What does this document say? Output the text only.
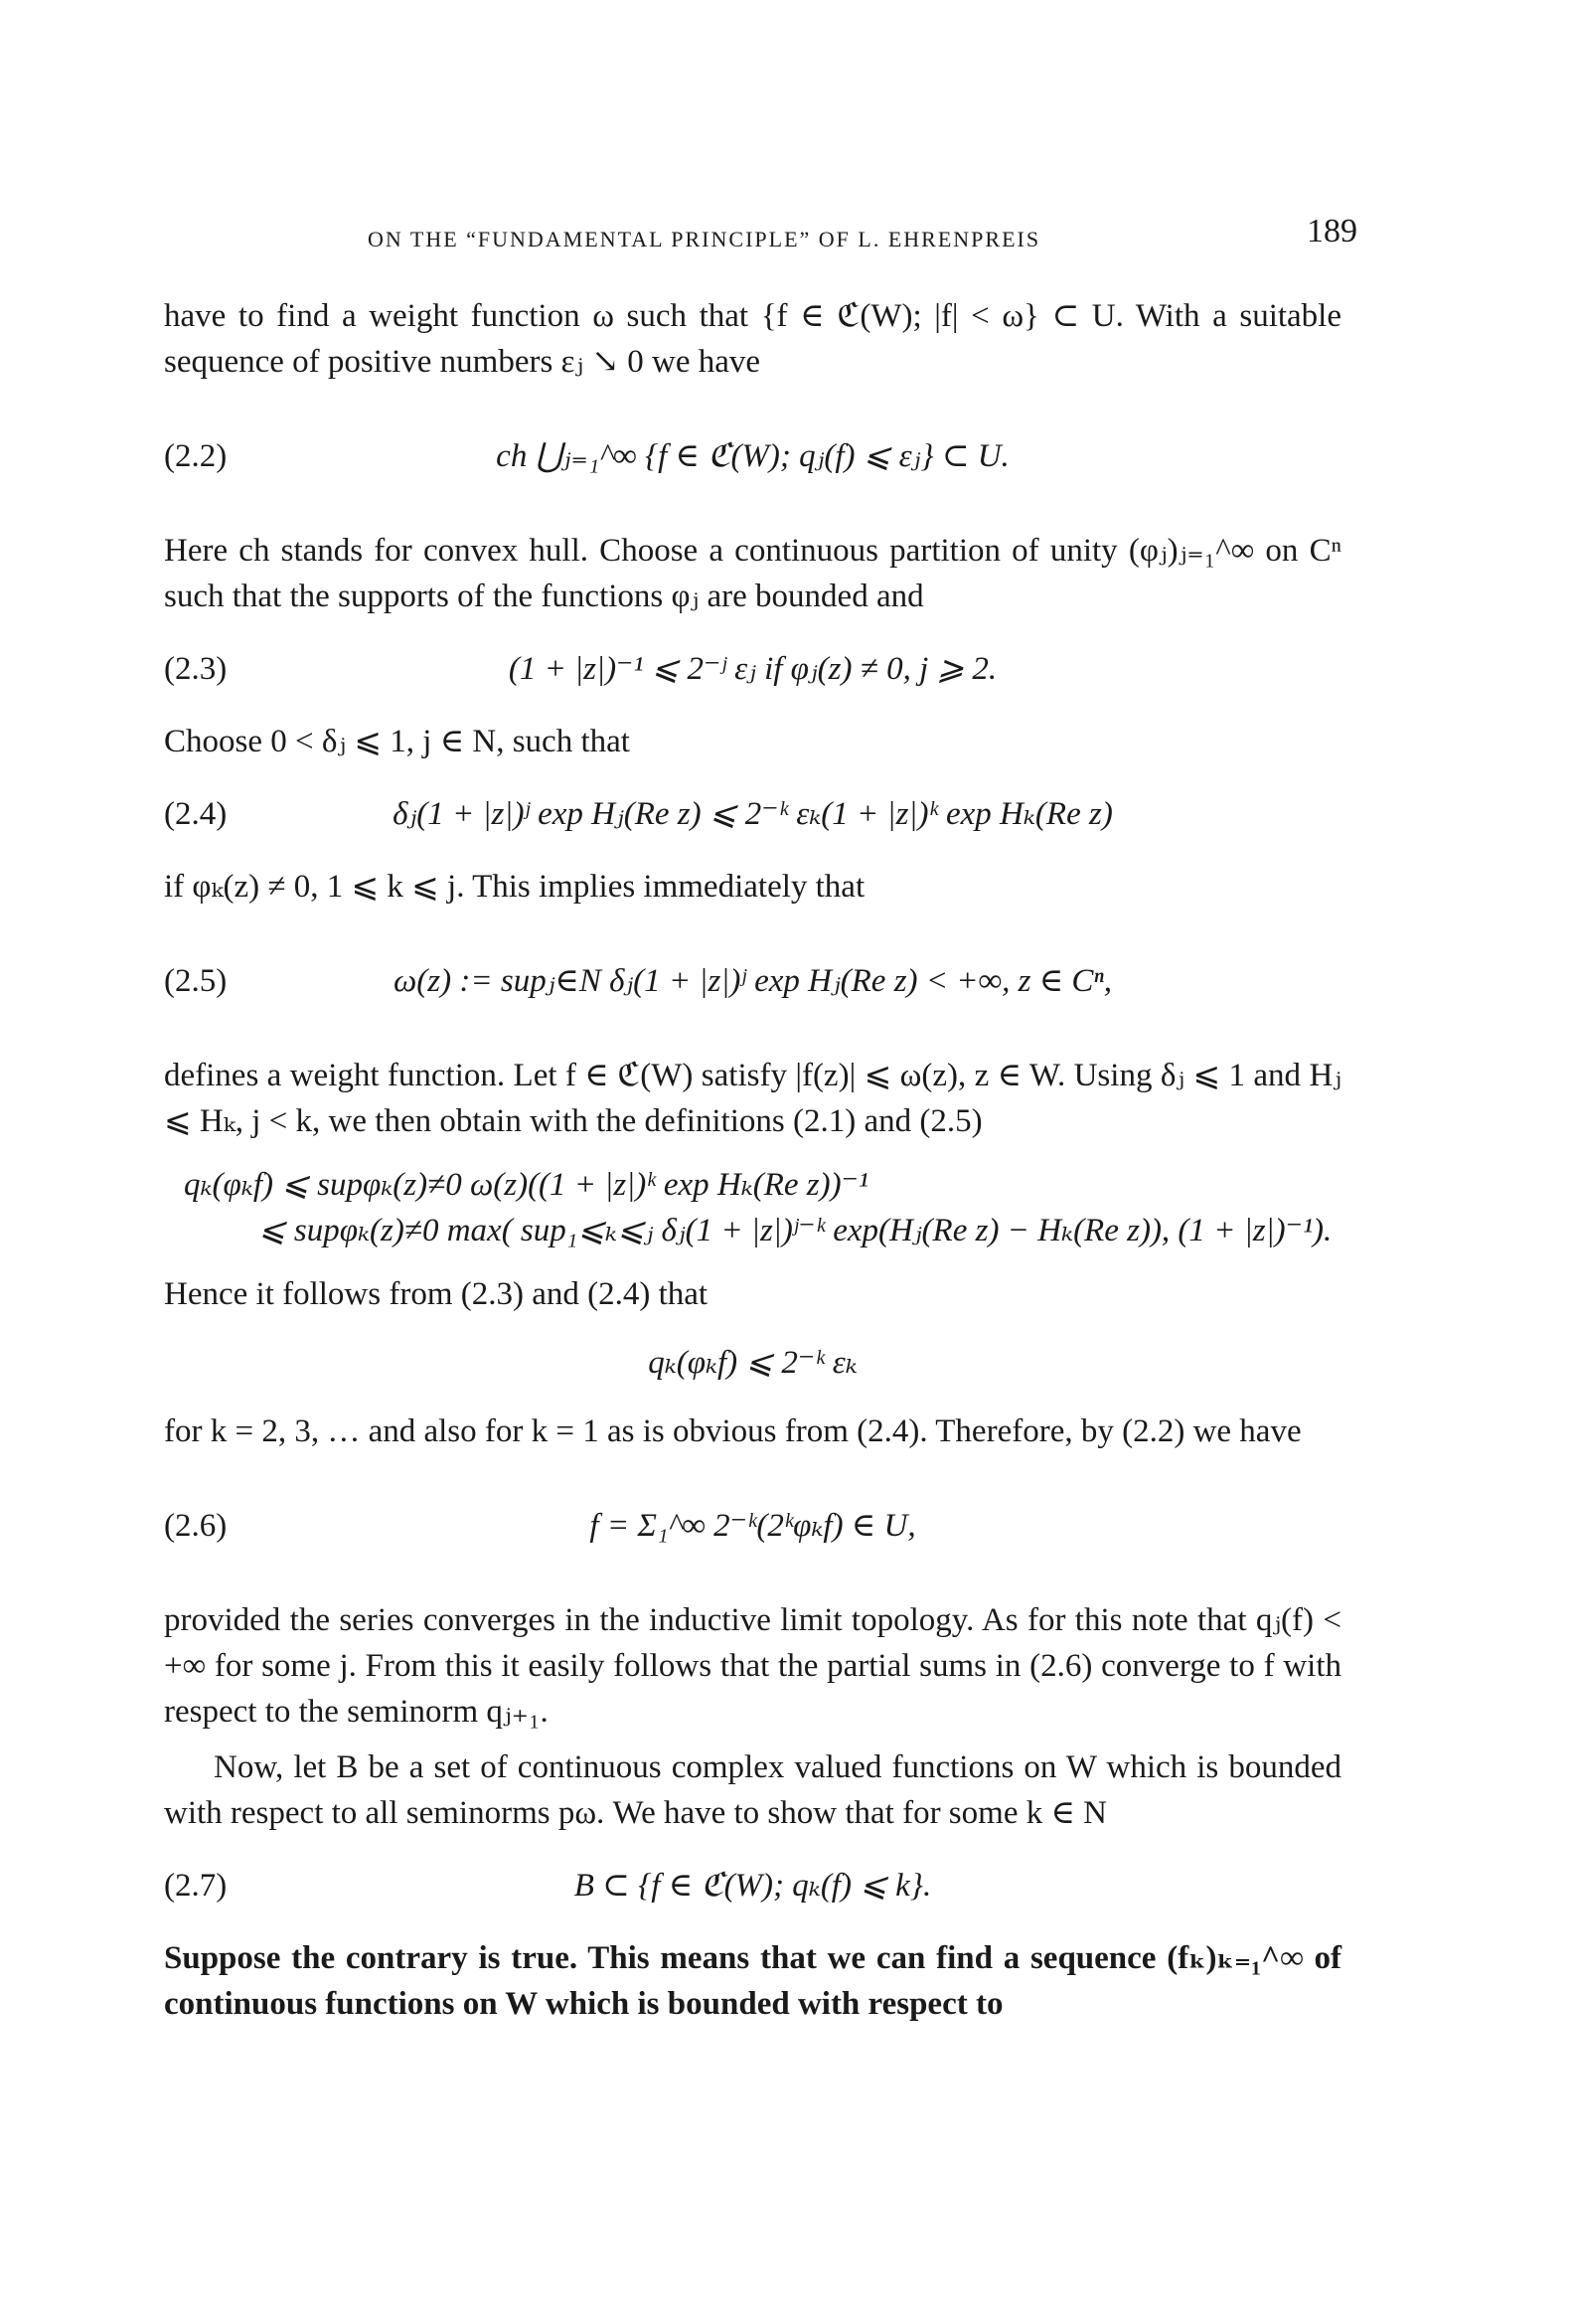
ON THE “FUNDAMENTAL PRINCIPLE” OF L. EHRENPREIS	189

have to find a weight function ω such that {f ∈ ℭ(W); |f| < ω} ⊂ U. With a suitable sequence of positive numbers εⱼ ↘ 0 we have

(2.2)	ch ⋃ⱼ₌₁^∞ {f ∈ ℭ(W); qⱼ(f) ⩽ εⱼ} ⊂ U.

Here ch stands for convex hull. Choose a continuous partition of unity (φⱼ)ⱼ₌₁^∞ on Cⁿ such that the supports of the functions φⱼ are bounded and

(2.3)	(1 + |z|)⁻¹ ⩽ 2⁻ʲ εⱼ if φⱼ(z) ≠ 0, j ⩾ 2.

Choose 0 < δⱼ ⩽ 1, j ∈ N, such that

(2.4)	δⱼ(1 + |z|)ʲ exp Hⱼ(Re z) ⩽ 2⁻ᵏ εₖ(1 + |z|)ᵏ exp Hₖ(Re z)

if φₖ(z) ≠ 0, 1 ⩽ k ⩽ j. This implies immediately that

(2.5)	ω(z) := supⱼ∈N δⱼ(1 + |z|)ʲ exp Hⱼ(Re z) < +∞, z ∈ Cⁿ,

defines a weight function. Let f ∈ ℭ(W) satisfy |f(z)| ⩽ ω(z), z ∈ W. Using δⱼ ⩽ 1 and Hⱼ ⩽ Hₖ, j < k, we then obtain with the definitions (2.1) and (2.5)

qₖ(φₖf) ⩽ supφₖ(z)≠0 ω(z)((1 + |z|)ᵏ exp Hₖ(Re z))⁻¹
⩽ supφₖ(z)≠0 max( sup₁⩽ₖ⩽ⱼ δⱼ(1 + |z|)ʲ⁻ᵏ exp(Hⱼ(Re z) − Hₖ(Re z)), (1 + |z|)⁻¹).

Hence it follows from (2.3) and (2.4) that

qₖ(φₖf) ⩽ 2⁻ᵏ εₖ

for k = 2, 3, … and also for k = 1 as is obvious from (2.4). Therefore, by (2.2) we have

(2.6)	f = Σ₁^∞ 2⁻ᵏ(2ᵏφₖf) ∈ U,

provided the series converges in the inductive limit topology. As for this note that qⱼ(f) < +∞ for some j. From this it easily follows that the partial sums in (2.6) converge to f with respect to the seminorm qⱼ₊₁.

Now, let B be a set of continuous complex valued functions on W which is bounded with respect to all seminorms pω. We have to show that for some k ∈ N

(2.7)	B ⊂ {f ∈ ℭ(W); qₖ(f) ⩽ k}.

Suppose the contrary is true. This means that we can find a sequence (fₖ)ₖ₌₁^∞ of continuous functions on W which is bounded with respect to
